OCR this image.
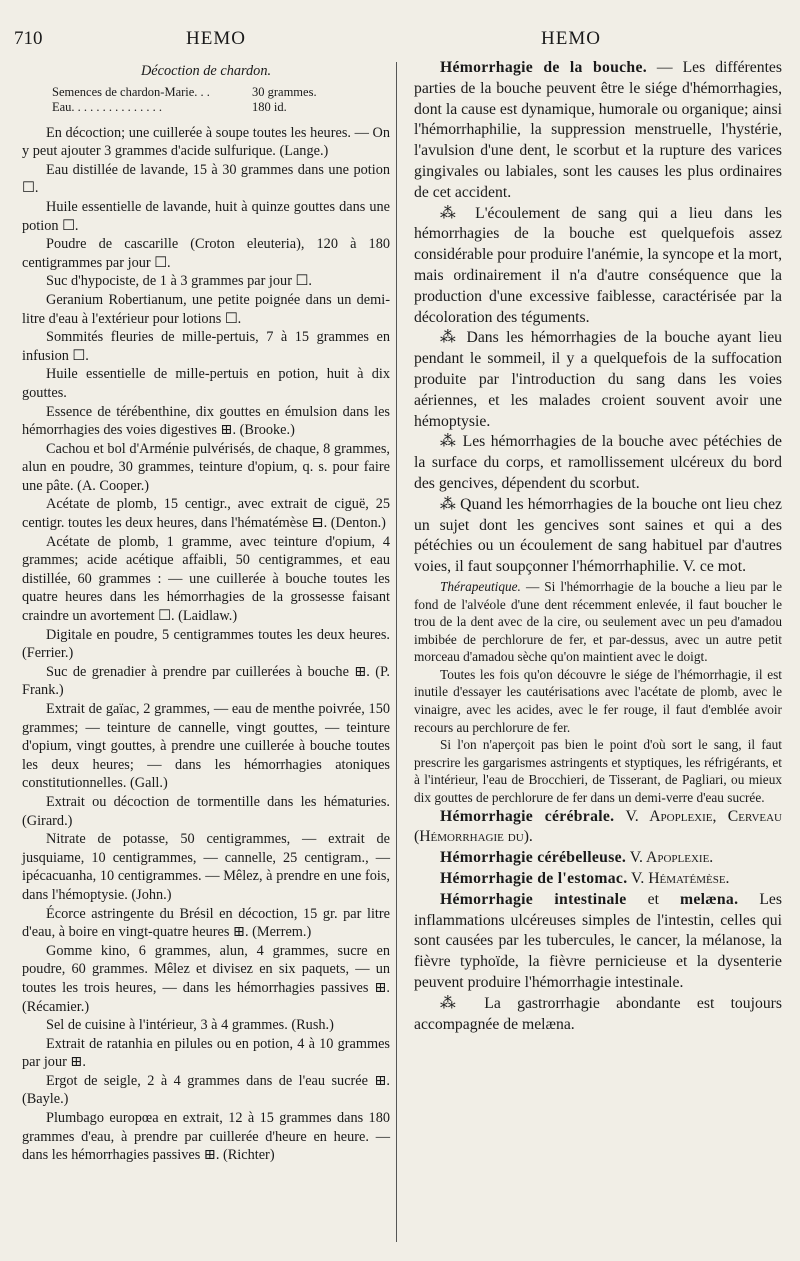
710	HEMO	HEMO
Décoction de chardon.
Semences de chardon-Marie. . .	30 grammes.
Eau. . . . . . . . . . . . . . .	180 id.

En décoction; une cuillerée à soupe toutes les heures. — On y peut ajouter 3 grammes d'acide sulfurique. (Lange.)

Eau distillée de lavande, 15 à 30 grammes dans une potion ☐.

Huile essentielle de lavande, huit à quinze gouttes dans une potion ☐.

Poudre de cascarille (Croton eleuteria), 120 à 180 centigrammes par jour ☐.

Suc d'hypociste, de 1 à 3 grammes par jour ☐.

Geranium Robertianum, une petite poignée dans un demi-litre d'eau à l'extérieur pour lotions ☐.

Sommités fleuries de mille-pertuis, 7 à 15 grammes en infusion ☐.

Huile essentielle de mille-pertuis en potion, huit à dix gouttes.

Essence de térébenthine, dix gouttes en émulsion dans les hémorrhagies des voies digestives ⊞. (Brooke.)

Cachou et bol d'Arménie pulvérisés, de chaque, 8 grammes, alun en poudre, 30 grammes, teinture d'opium, q. s. pour faire une pâte. (A. Cooper.)

Acétate de plomb, 15 centigr., avec extrait de ciguë, 25 centigr. toutes les deux heures, dans l'hématémèse ⊟. (Denton.)

Acétate de plomb, 1 gramme, avec teinture d'opium, 4 grammes; acide acétique affaibli, 50 centigrammes, et eau distillée, 60 grammes : — une cuillerée à bouche toutes les quatre heures dans les hémorrhagies de la grossesse faisant craindre un avortement ☐. (Laidlaw.)

Digitale en poudre, 5 centigrammes toutes les deux heures. (Ferrier.)

Suc de grenadier à prendre par cuillerées à bouche ⊞. (P. Frank.)

Extrait de gaïac, 2 grammes, — eau de menthe poivrée, 150 grammes; — teinture de cannelle, vingt gouttes, — teinture d'opium, vingt gouttes, à prendre une cuillerée à bouche toutes les deux heures; — dans les hémorrhagies atoniques constitutionnelles. (Gall.)

Extrait ou décoction de tormentille dans les hématuries. (Girard.)

Nitrate de potasse, 50 centigrammes, — extrait de jusquiame, 10 centigrammes, — cannelle, 25 centigram., — ipécacuanha, 10 centigrammes. — Mêlez, à prendre en une fois, dans l'hémoptysie. (John.)

Écorce astringente du Brésil en décoction, 15 gr. par litre d'eau, à boire en vingt-quatre heures ⊞. (Merrem.)

Gomme kino, 6 grammes, alun, 4 grammes, sucre en poudre, 60 grammes. Mêlez et divisez en six paquets, — un toutes les trois heures, — dans les hémorrhagies passives ⊞. (Récamier.)

Sel de cuisine à l'intérieur, 3 à 4 grammes. (Rush.)

Extrait de ratanhia en pilules ou en potion, 4 à 10 grammes par jour ⊞.

Ergot de seigle, 2 à 4 grammes dans de l'eau sucrée ⊞. (Bayle.)

Plumbago europœa en extrait, 12 à 15 grammes dans 180 grammes d'eau, à prendre par cuillerée d'heure en heure. — dans les hémorrhagies passives ⊞. (Richter)

Hémorrhagie de la bouche. — Les différentes parties de la bouche peuvent être le siége d'hémorrhagies, dont la cause est dynamique, humorale ou organique; ainsi l'hémorrhaphilie, la suppression menstruelle, l'hystérie, l'avulsion d'une dent, le scorbut et la rupture des varices gingivales ou labiales, sont les causes les plus ordinaires de cet accident.

⁂ L'écoulement de sang qui a lieu dans les hémorrhagies de la bouche est quelquefois assez considérable pour produire l'anémie, la syncope et la mort, mais ordinairement il n'a d'autre conséquence que la production d'une excessive faiblesse, caractérisée par la décoloration des téguments.

⁂ Dans les hémorrhagies de la bouche ayant lieu pendant le sommeil, il y a quelquefois de la suffocation produite par l'introduction du sang dans les voies aériennes, et les malades croient souvent avoir une hémoptysie.

⁂ Les hémorrhagies de la bouche avec pétéchies de la surface du corps, et ramollissement ulcéreux du bord des gencives, dépendent du scorbut.

⁂ Quand les hémorrhagies de la bouche ont lieu chez un sujet dont les gencives sont saines et qui a des pétéchies ou un écoulement de sang habituel par d'autres voies, il faut soupçonner l'hémorrhaphilie. V. ce mot.

Thérapeutique. — Si l'hémorrhagie de la bouche a lieu par le fond de l'alvéole d'une dent récemment enlevée, il faut boucher le trou de la dent avec de la cire, ou seulement avec un peu d'amadou imbibée de perchlorure de fer, et par-dessus, avec un autre petit morceau d'amadou sèche qu'on maintient avec le doigt.

Toutes les fois qu'on découvre le siége de l'hémorrhagie, il est inutile d'essayer les cautérisations avec l'acétate de plomb, avec le vinaigre, avec les acides, avec le fer rouge, il faut d'emblée avoir recours au perchlorure de fer.

Si l'on n'aperçoit pas bien le point d'où sort le sang, il faut prescrire les gargarismes astringents et styptiques, les réfrigérants, et à l'intérieur, l'eau de Brocchieri, de Tisserant, de Pagliari, ou mieux dix gouttes de perchlorure de fer dans un demi-verre d'eau sucrée.

Hémorrhagie cérébrale. V. Apoplexie, Cerveau (Hémorrhagie du).

Hémorrhagie cérébelleuse. V. Apoplexie.

Hémorrhagie de l'estomac. V. Hématémèse.

Hémorrhagie intestinale et melæna. Les inflammations ulcéreuses simples de l'intestin, celles qui sont causées par les tubercules, le cancer, la mélanose, la fièvre typhoïde, la fièvre pernicieuse et la dysenterie peuvent produire l'hémorrhagie intestinale.

⁂ La gastrorrhagie abondante est toujours accompagnée de melæna.
